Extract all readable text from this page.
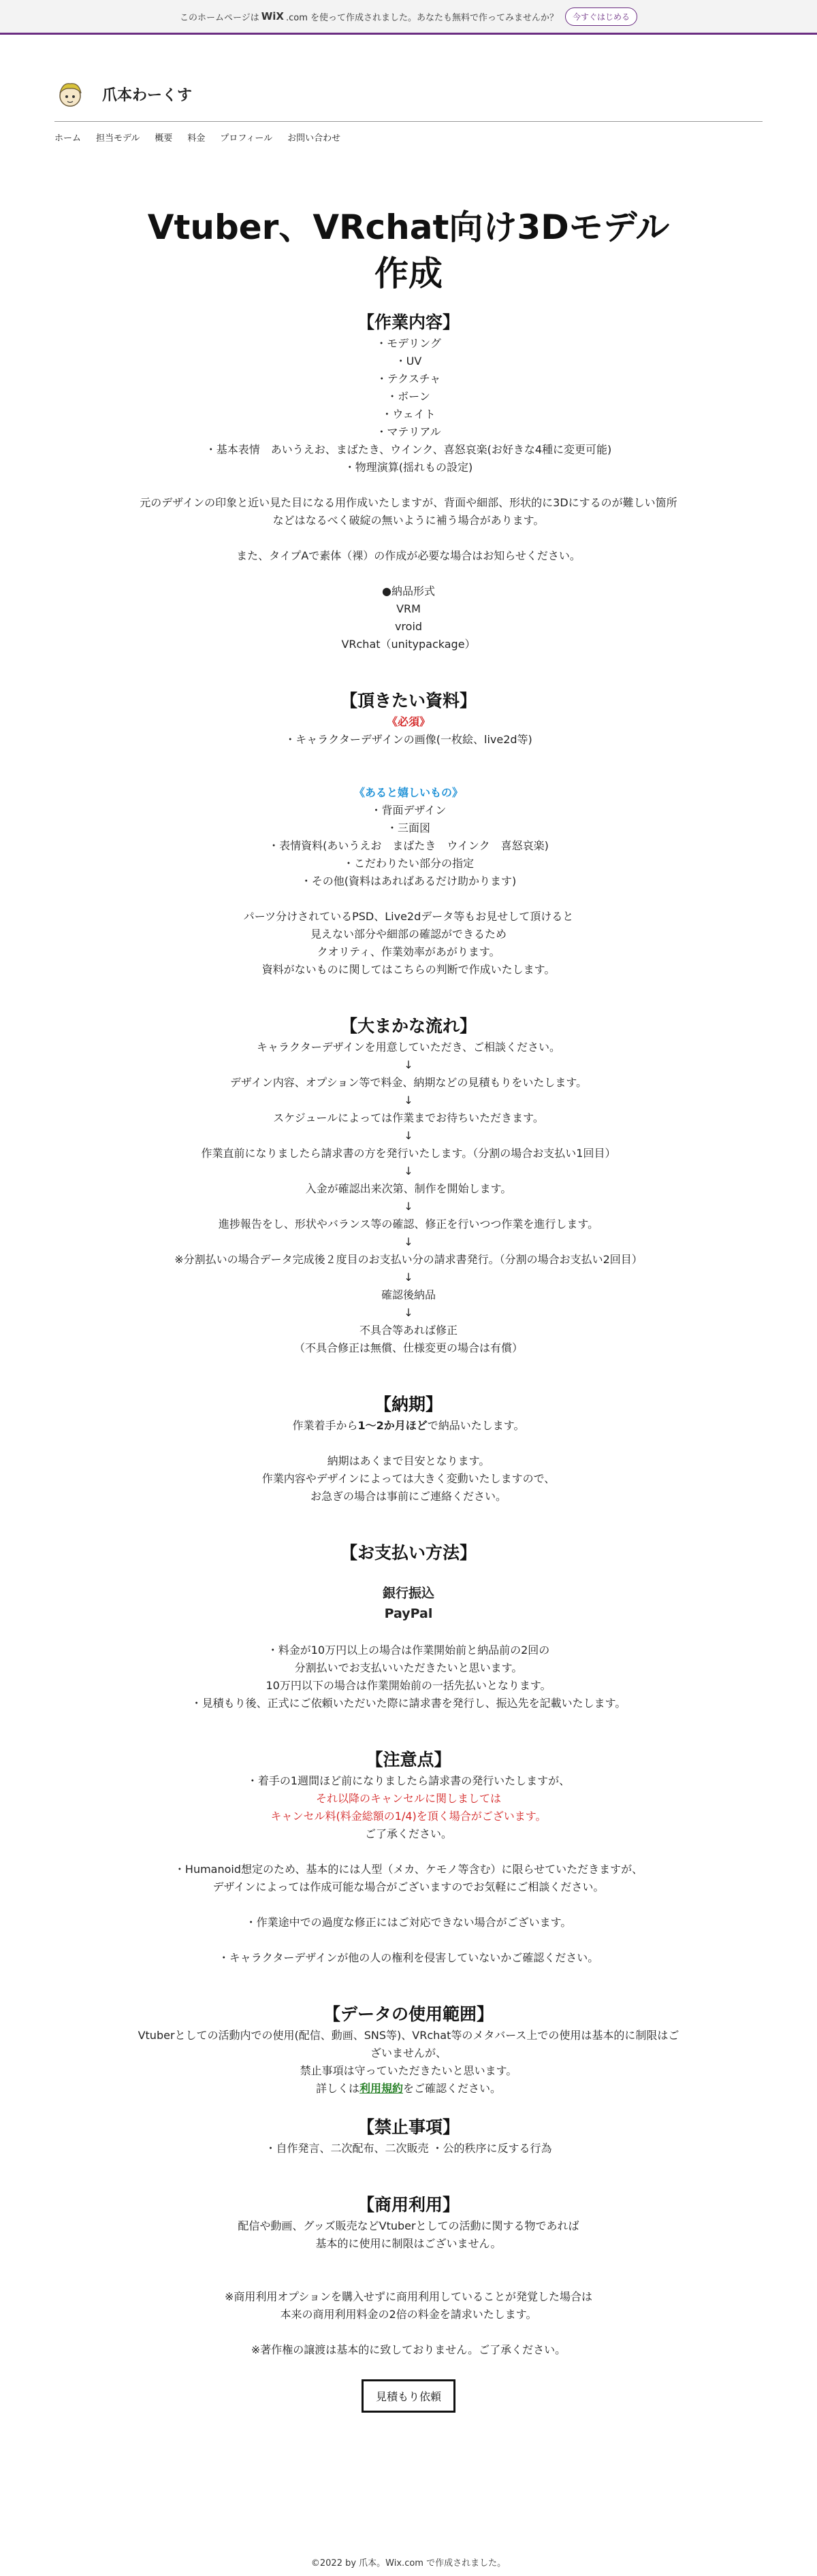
このホームページは WiX .com を使って作成されました。あなたも無料で作ってみませんか？	今すぐはじめる
爪本わーくす
ホーム 担当モデル 概要 料金 プロフィール お問い合わせ
Vtuber、VRchat向け3Dモデル作成
【作業内容】

・モデリング

・UV

・テクスチャ

・ボーン

・ウェイト

・マテリアル

・基本表情　あいうえお、まばたき、ウインク、喜怒哀楽(お好きな4種に変更可能)

・物理演算(揺れもの設定)

元のデザインの印象と近い見た目になる用作成いたしますが、背面や細部、形状的に3Dにするのが難しい箇所などはなるべく破綻の無いように補う場合があります。

また、タイプAで素体（裸）の作成が必要な場合はお知らせください。

●納品形式

VRM

vroid

VRchat（unitypackage）

【頂きたい資料】

《必須》

・キャラクターデザインの画像(一枚絵、live2d等)

《あると嬉しいもの》

・背面デザイン

・三面図

・表情資料(あいうえお　まばたき　ウインク　喜怒哀楽)

・こだわりたい部分の指定

・その他(資料はあればあるだけ助かります)

パーツ分けされているPSD、Live2dデータ等もお見せして頂けると

見えない部分や細部の確認ができるため

クオリティ、作業効率があがります。

資料がないものに関してはこちらの判断で作成いたします。

【大まかな流れ】

キャラクターデザインを用意していただき、ご相談ください。

↓

デザイン内容、オプション等で料金、納期などの見積もりをいたします。

↓

スケジュールによっては作業までお待ちいただきます。

↓

作業直前になりましたら請求書の方を発行いたします。（分割の場合お支払い1回目）

↓

入金が確認出来次第、制作を開始します。

↓

進捗報告をし、形状やバランス等の確認、修正を行いつつ作業を進行します。

↓

※分割払いの場合データ完成後２度目のお支払い分の請求書発行。（分割の場合お支払い2回目）

↓

確認後納品

↓

不具合等あれば修正

（不具合修正は無償、仕様変更の場合は有償）

【納期】

作業着手から1〜2か月ほどで納品いたします。

納期はあくまで目安となります。

作業内容やデザインによっては大きく変動いたしますので、

お急ぎの場合は事前にご連絡ください。

【お支払い方法】

銀行振込

PayPal

・料金が10万円以上の場合は作業開始前と納品前の2回の

分割払いでお支払いいただきたいと思います。

10万円以下の場合は作業開始前の一括先払いとなります。

・見積もり後、正式にご依頼いただいた際に請求書を発行し、振込先を記載いたします。

【注意点】

・着手の1週間ほど前になりましたら請求書の発行いたしますが、

それ以降のキャンセルに関しましては

キャンセル料(料金総額の1/4)を頂く場合がございます。

ご了承ください。

・Humanoid想定のため、基本的には人型（メカ、ケモノ等含む）に限らせていただきますが、

デザインによっては作成可能な場合がございますのでお気軽にご相談ください。

・作業途中での過度な修正にはご対応できない場合がございます。

・キャラクターデザインが他の人の権利を侵害していないかご確認ください。

【データの使用範囲】

Vtuberとしての活動内での使用(配信、動画、SNS等)、VRchat等のメタバース上での使用は基本的に制限はございませんが、

禁止事項は守っていただきたいと思います。

詳しくは利用規約をご確認ください。

【禁止事項】

・自作発言、二次配布、二次販売 ・公的秩序に反する行為

【商用利用】

配信や動画、グッズ販売などVtuberとしての活動に関する物であれば

基本的に使用に制限はございません。

※商用利用オプションを購入せずに商用利用していることが発覚した場合は

本来の商用利用料金の2倍の料金を請求いたします。

※著作権の譲渡は基本的に致しておりません。ご了承ください。

見積もり依頼
©2022 by 爪本。Wix.com で作成されました。
